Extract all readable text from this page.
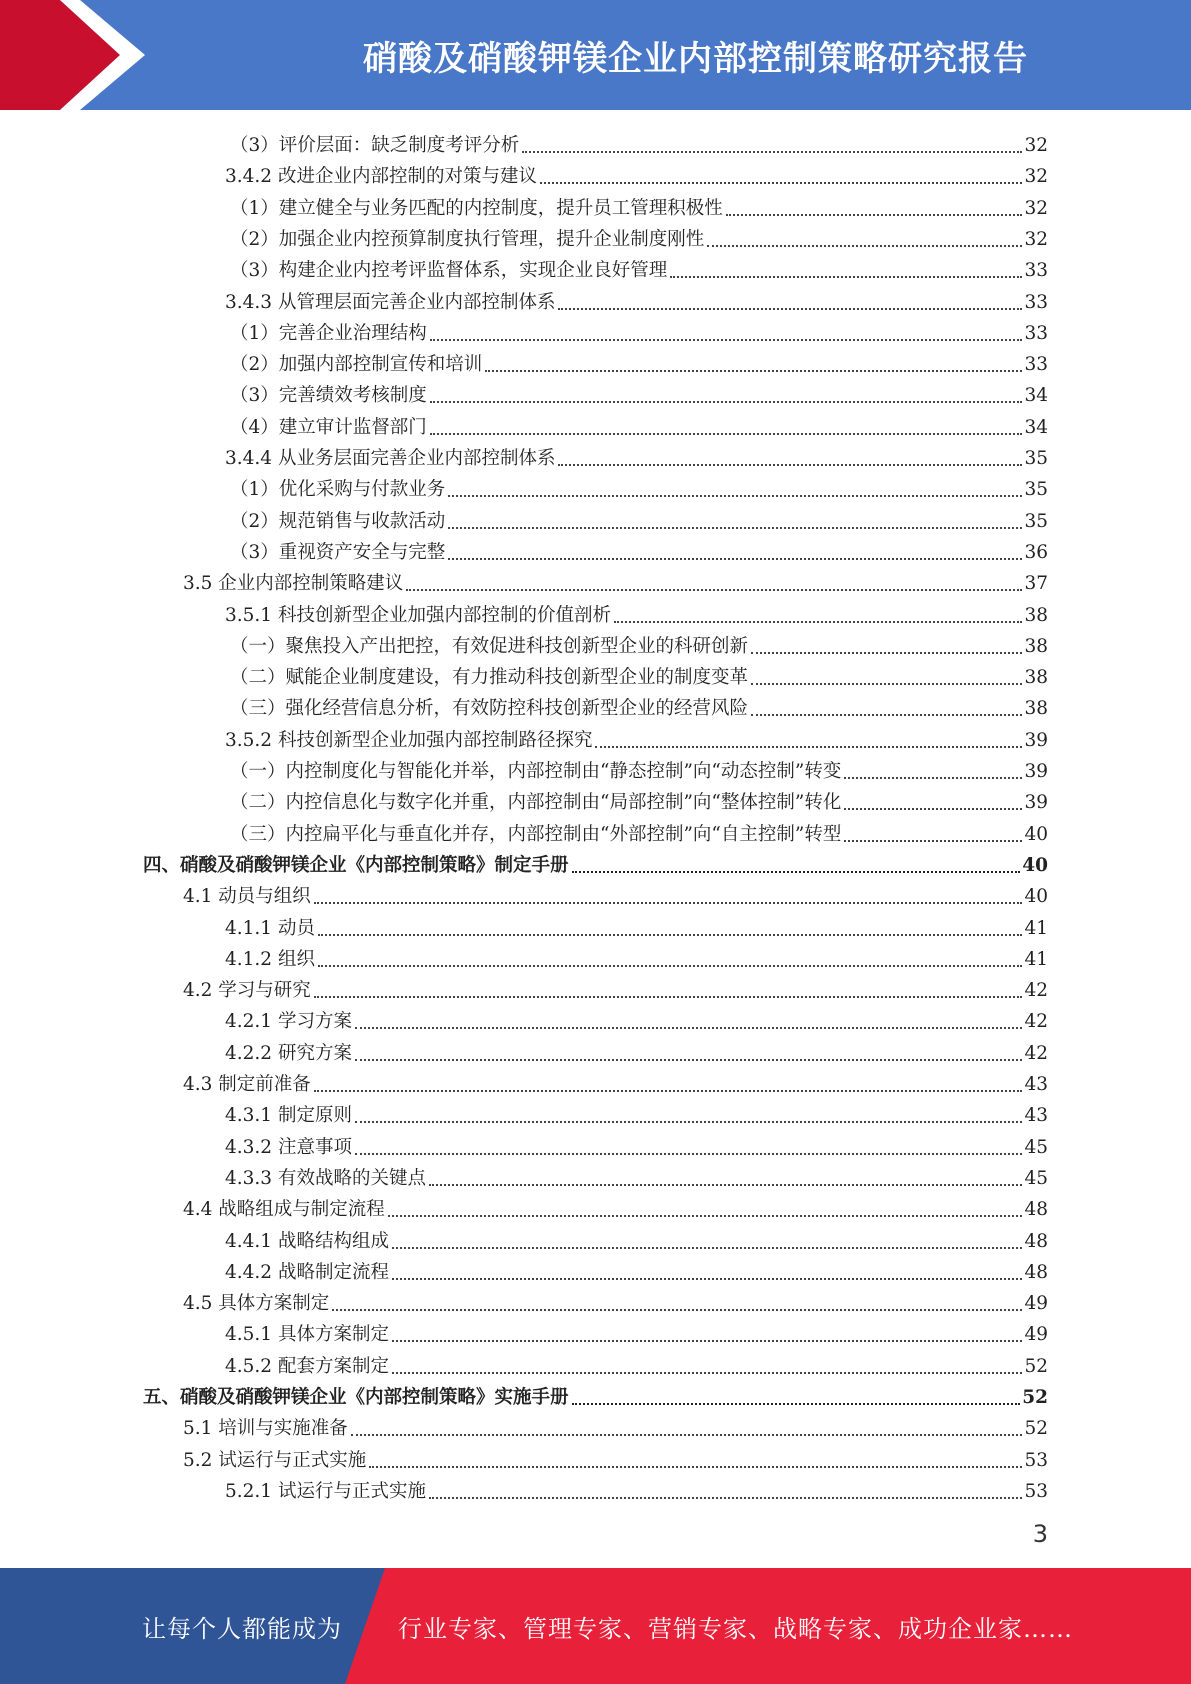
硝酸及硝酸钾镁企业内部控制策略研究报告
（3）评价层面：缺乏制度考评分析	32
3.4.2 改进企业内部控制的对策与建议	32
（1）建立健全与业务匹配的内控制度，提升员工管理积极性	32
（2）加强企业内控预算制度执行管理，提升企业制度刚性	32
（3）构建企业内控考评监督体系，实现企业良好管理	33
3.4.3 从管理层面完善企业内部控制体系	33
（1）完善企业治理结构	33
（2）加强内部控制宣传和培训	33
（3）完善绩效考核制度	34
（4）建立审计监督部门	34
3.4.4 从业务层面完善企业内部控制体系	35
（1）优化采购与付款业务	35
（2）规范销售与收款活动	35
（3）重视资产安全与完整	36
3.5 企业内部控制策略建议	37
3.5.1 科技创新型企业加强内部控制的价值剖析	38
（一）聚焦投入产出把控，有效促进科技创新型企业的科研创新	38
（二）赋能企业制度建设，有力推动科技创新型企业的制度变革	38
（三）强化经营信息分析，有效防控科技创新型企业的经营风险	38
3.5.2 科技创新型企业加强内部控制路径探究	39
（一）内控制度化与智能化并举，内部控制由“静态控制”向“动态控制”转变	39
（二）内控信息化与数字化并重，内部控制由“局部控制”向“整体控制”转化	39
（三）内控扁平化与垂直化并存，内部控制由“外部控制”向“自主控制”转型	40
四、硝酸及硝酸钾镁企业《内部控制策略》制定手册	40
4.1 动员与组织	40
4.1.1 动员	41
4.1.2 组织	41
4.2 学习与研究	42
4.2.1 学习方案	42
4.2.2 研究方案	42
4.3 制定前准备	43
4.3.1 制定原则	43
4.3.2 注意事项	45
4.3.3 有效战略的关键点	45
4.4 战略组成与制定流程	48
4.4.1 战略结构组成	48
4.4.2 战略制定流程	48
4.5 具体方案制定	49
4.5.1 具体方案制定	49
4.5.2 配套方案制定	52
五、硝酸及硝酸钾镁企业《内部控制策略》实施手册	52
5.1 培训与实施准备	52
5.2 试运行与正式实施	53
5.2.1 试运行与正式实施	53
3
让每个人都能成为 行业专家、管理专家、营销专家、战略专家、成功企业家……
